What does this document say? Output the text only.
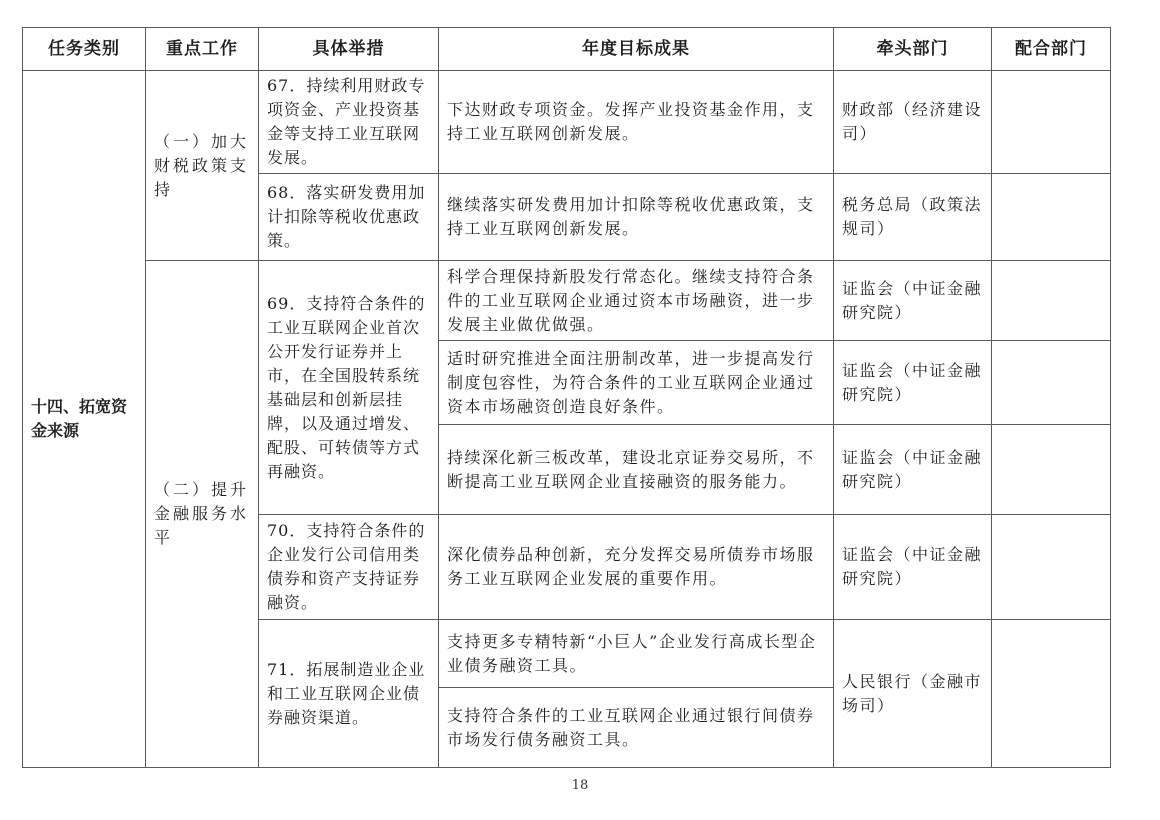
任务类别	重点工作	具体举措	年度目标成果	牵头部门	配合部门
十四、拓宽资金来源	（一）加大财税政策支持	67．持续利用财政专项资金、产业投资基金等支持工业互联网发展。	下达财政专项资金。发挥产业投资基金作用，支持工业互联网创新发展。	财政部（经济建设司）	
		68．落实研发费用加计扣除等税收优惠政策。	继续落实研发费用加计扣除等税收优惠政策，支持工业互联网创新发展。	税务总局（政策法规司）	
	（二）提升金融服务水平	69．支持符合条件的工业互联网企业首次公开发行证券并上市，在全国股转系统基础层和创新层挂牌，以及通过增发、配股、可转债等方式再融资。	科学合理保持新股发行常态化。继续支持符合条件的工业互联网企业通过资本市场融资，进一步发展主业做优做强。	证监会（中证金融研究院）	
			适时研究推进全面注册制改革，进一步提高发行制度包容性，为符合条件的工业互联网企业通过资本市场融资创造良好条件。	证监会（中证金融研究院）	
			持续深化新三板改革，建设北京证券交易所，不断提高工业互联网企业直接融资的服务能力。	证监会（中证金融研究院）	
		70．支持符合条件的企业发行公司信用类债券和资产支持证券融资。	深化债券品种创新，充分发挥交易所债券市场服务工业互联网企业发展的重要作用。	证监会（中证金融研究院）	
		71．拓展制造业企业和工业互联网企业债券融资渠道。	支持更多专精特新“小巨人”企业发行高成长型企业债务融资工具。	人民银行（金融市场司）	
			支持符合条件的工业互联网企业通过银行间债券市场发行债务融资工具。		
18
